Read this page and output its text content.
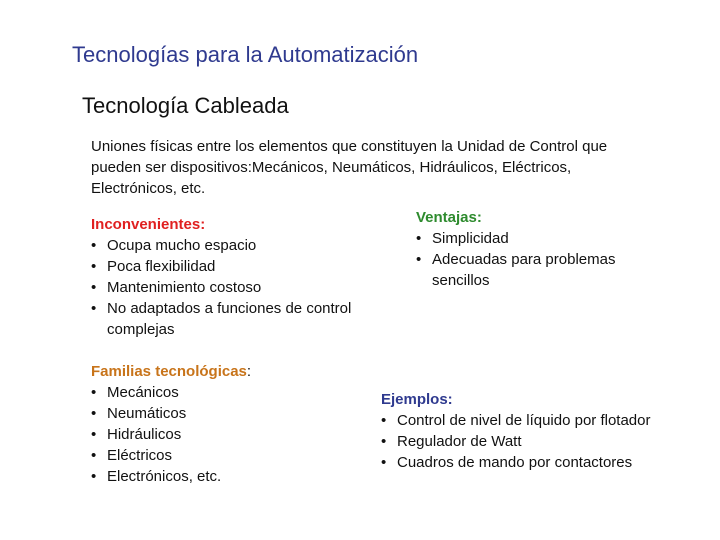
Tecnologías para la Automatización
Tecnología Cableada
Uniones físicas entre los elementos que constituyen la Unidad de Control que pueden ser dispositivos:Mecánicos, Neumáticos, Hidráulicos, Eléctricos, Electrónicos, etc.
Inconvenientes:
• Ocupa mucho espacio
• Poca flexibilidad
• Mantenimiento costoso
• No adaptados a funciones de control complejas
Ventajas:
• Simplicidad
• Adecuadas para problemas sencillos
Familias tecnológicas:
• Mecánicos
• Neumáticos
• Hidráulicos
• Eléctricos
• Electrónicos, etc.
Ejemplos:
• Control de nivel de líquido por flotador
• Regulador de Watt
• Cuadros de mando por contactores
